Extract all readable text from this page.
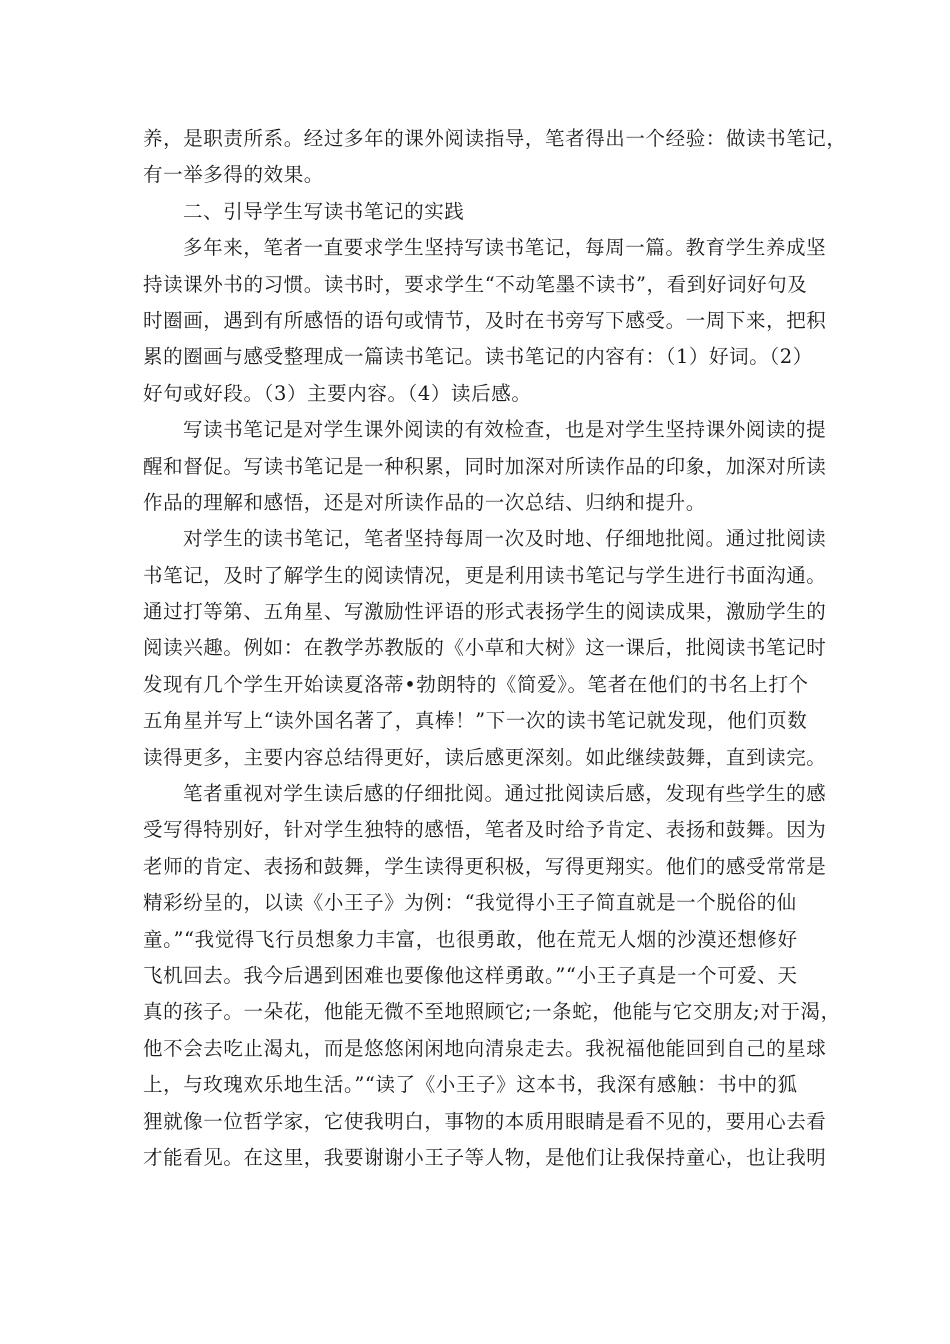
养，是职责所系。经过多年的课外阅读指导，笔者得出一个经验：做读书笔记，
有一举多得的效果。
二、引导学生写读书笔记的实践
多年来，笔者一直要求学生坚持写读书笔记，每周一篇。教育学生养成坚
持读课外书的习惯。读书时，要求学生“不动笔墨不读书”，看到好词好句及
时圈画，遇到有所感悟的语句或情节，及时在书旁写下感受。一周下来，把积
累的圈画与感受整理成一篇读书笔记。读书笔记的内容有：（1）好词。（2）
好句或好段。（3）主要内容。（4）读后感。
写读书笔记是对学生课外阅读的有效检查，也是对学生坚持课外阅读的提
醒和督促。写读书笔记是一种积累，同时加深对所读作品的印象，加深对所读
作品的理解和感悟，还是对所读作品的一次总结、归纳和提升。
对学生的读书笔记，笔者坚持每周一次及时地、仔细地批阅。通过批阅读
书笔记，及时了解学生的阅读情况，更是利用读书笔记与学生进行书面沟通。
通过打等第、五角星、写激励性评语的形式表扬学生的阅读成果，激励学生的
阅读兴趣。例如：在教学苏教版的《小草和大树》这一课后，批阅读书笔记时
发现有几个学生开始读夏洛蒂•勃朗特的《简爱》。笔者在他们的书名上打个
五角星并写上“读外国名著了，真棒！”下一次的读书笔记就发现，他们页数
读得更多，主要内容总结得更好，读后感更深刻。如此继续鼓舞，直到读完。
笔者重视对学生读后感的仔细批阅。通过批阅读后感，发现有些学生的感
受写得特别好，针对学生独特的感悟，笔者及时给予肯定、表扬和鼓舞。因为
老师的肯定、表扬和鼓舞，学生读得更积极，写得更翔实。他们的感受常常是
精彩纷呈的，以读《小王子》为例：“我觉得小王子简直就是一个脱俗的仙
童。”“我觉得飞行员想象力丰富，也很勇敢，他在荒无人烟的沙漠还想修好
飞机回去。我今后遇到困难也要像他这样勇敢。”“小王子真是一个可爱、天
真的孩子。一朵花，他能无微不至地照顾它;一条蛇，他能与它交朋友;对于渴，
他不会去吃止渴丸，而是悠悠闲闲地向清泉走去。我祝福他能回到自己的星球
上，与玫瑰欢乐地生活。”“读了《小王子》这本书，我深有感触：书中的狐
狸就像一位哲学家，它使我明白，事物的本质用眼睛是看不见的，要用心去看
才能看见。在这里，我要谢谢小王子等人物，是他们让我保持童心，也让我明
